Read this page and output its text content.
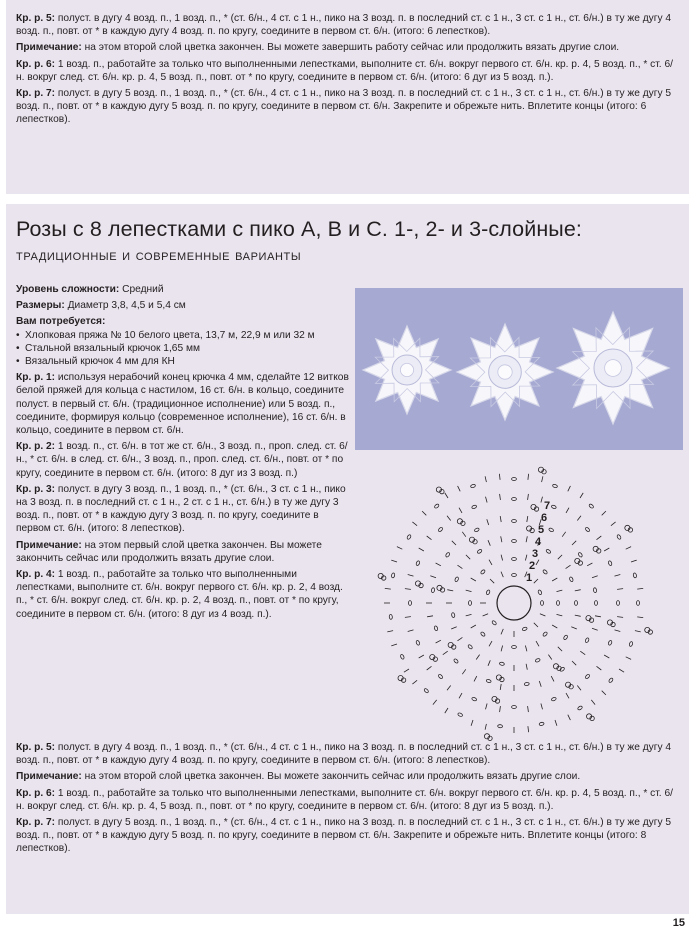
Кр. р. 5: полуст. в дугу 4 возд. п., 1 возд. п., * (ст. 6/н., 4 ст. с 1 н., пико на 3 возд. п. в последний ст. с 1 н., 3 ст. с 1 н., ст. 6/н.) в ту же дугу 4 возд. п., повт. от * в каждую дугу 4 возд. п. по кругу, соедините в первом ст. 6/н. (итого: 6 лепестков).

Примечание: на этом второй слой цветка закончен. Вы можете завершить работу сейчас или продолжить вязать другие слои.

Кр. р. 6: 1 возд. п., работайте за только что выполненными лепестками, выполните ст. 6/н. вокруг первого ст. 6/н. кр. р. 4, 5 возд. п., * ст. 6/н. вокруг след. ст. 6/н. кр. р. 4, 5 возд. п., повт. от * по кругу, соедините в первом ст. 6/н. (итого: 6 дуг из 5 возд. п.).

Кр. р. 7: полуст. в дугу 5 возд. п., 1 возд. п., * (ст. 6/н., 4 ст. с 1 н., пико на 3 возд. п. в последний ст. с 1 н., 3 ст. с 1 н., ст. 6/н.) в ту же дугу 5 возд. п., повт. от * в каждую дугу 5 возд. п. по кругу, соедините в первом ст. 6/н. Закрепите и обрежьте нить. Вплетите концы (итого: 6 лепестков).

Розы с 8 лепестками с пико A, B и C. 1-, 2- и 3-слойные:
традиционные и современные варианты

Уровень сложности: Средний

Размеры: Диаметр 3,8, 4,5 и 5,4 см

Вам потребуется:

• Хлопковая пряжа № 10 белого цвета, 13,7 м, 22,9 м или 32 м
• Стальной вязальный крючок 1,65 мм
• Вязальный крючок 4 мм для КН

Кр. р. 1: используя нерабочий конец крючка 4 мм, сделайте 12 витков белой пряжей для кольца с настилом, 16 ст. 6/н. в кольцо, соедините полуст. в первый ст. 6/н. (традиционное исполнение) или 5 возд. п., соедините, формируя кольцо (современное исполнение), 16 ст. 6/н. в кольцо, соедините в первом ст. 6/н.

Кр. р. 2: 1 возд. п., ст. 6/н. в тот же ст. 6/н., 3 возд. п., проп. след. ст. 6/н., * ст. 6/н. в след. ст. 6/н., 3 возд. п., проп. след. ст. 6/н., повт. от * по кругу, соедините в первом ст. 6/н. (итого: 8 дуг из 3 возд. п.)

Кр. р. 3: полуст. в дугу 3 возд. п., 1 возд. п., * (ст. 6/н., 3 ст. с 1 н., пико на 3 возд. п. в последний ст. с 1 н., 2 ст. с 1 н., ст. 6/н.) в ту же дугу 3 возд. п., повт. от * в каждую дугу 3 возд. п. по кругу, соедините в первом ст. 6/н. (итого: 8 лепестков).

Примечание: на этом первый слой цветка закончен. Вы можете закончить сейчас или продолжить вязать другие слои.

Кр. р. 4: 1 возд. п., работайте за только что выполненными лепестками, выполните ст. 6/н. вокруг первого ст. 6/н. кр. р. 2, 4 возд. п., * ст. 6/н. вокруг след. ст. 6/н. кр. р. 2, 4 возд. п., повт. от * по кругу, соедините в первом ст. 6/н. (итого: 8 дуг из 4 возд. п.).

Кр. р. 5: полуст. в дугу 4 возд. п., 1 возд. п., * (ст. 6/н., 4 ст. с 1 н., пико на 3 возд. п. в последний ст. с 1 н., 3 ст. с 1 н., ст. 6/н.) в ту же дугу 4 возд. п., повт. от * в каждую дугу 4 возд. п. по кругу, соедините в первом ст. 6/н. (итого: 8 лепестков).

Примечание: на этом второй слой цветка закончен. Вы можете закончить сейчас или продолжить вязать другие слои.

Кр. р. 6: 1 возд. п., работайте за только что выполненными лепестками, выполните ст. 6/н. вокруг первого ст. 6/н. кр. р. 4, 5 возд. п., * ст. 6/н. вокруг след. ст. 6/н. кр. р. 4, 5 возд. п., повт. от * по кругу, соедините в первом ст. 6/н. (итого: 8 дуг из 5 возд. п.).

Кр. р. 7: полуст. в дугу 5 возд. п., 1 возд. п., * (ст. 6/н., 4 ст. с 1 н., пико на 3 возд. п. в последний ст. с 1 н., 3 ст. с 1 н., ст. 6/н.) в ту же дугу 5 возд. п., повт. от * в каждую дугу 5 возд. п. по кругу, соедините в первом ст. 6/н. Закрепите и обрежьте нить. Вплетите концы (итого: 8 лепестков).

1
2
3
4
5
6
7
15
